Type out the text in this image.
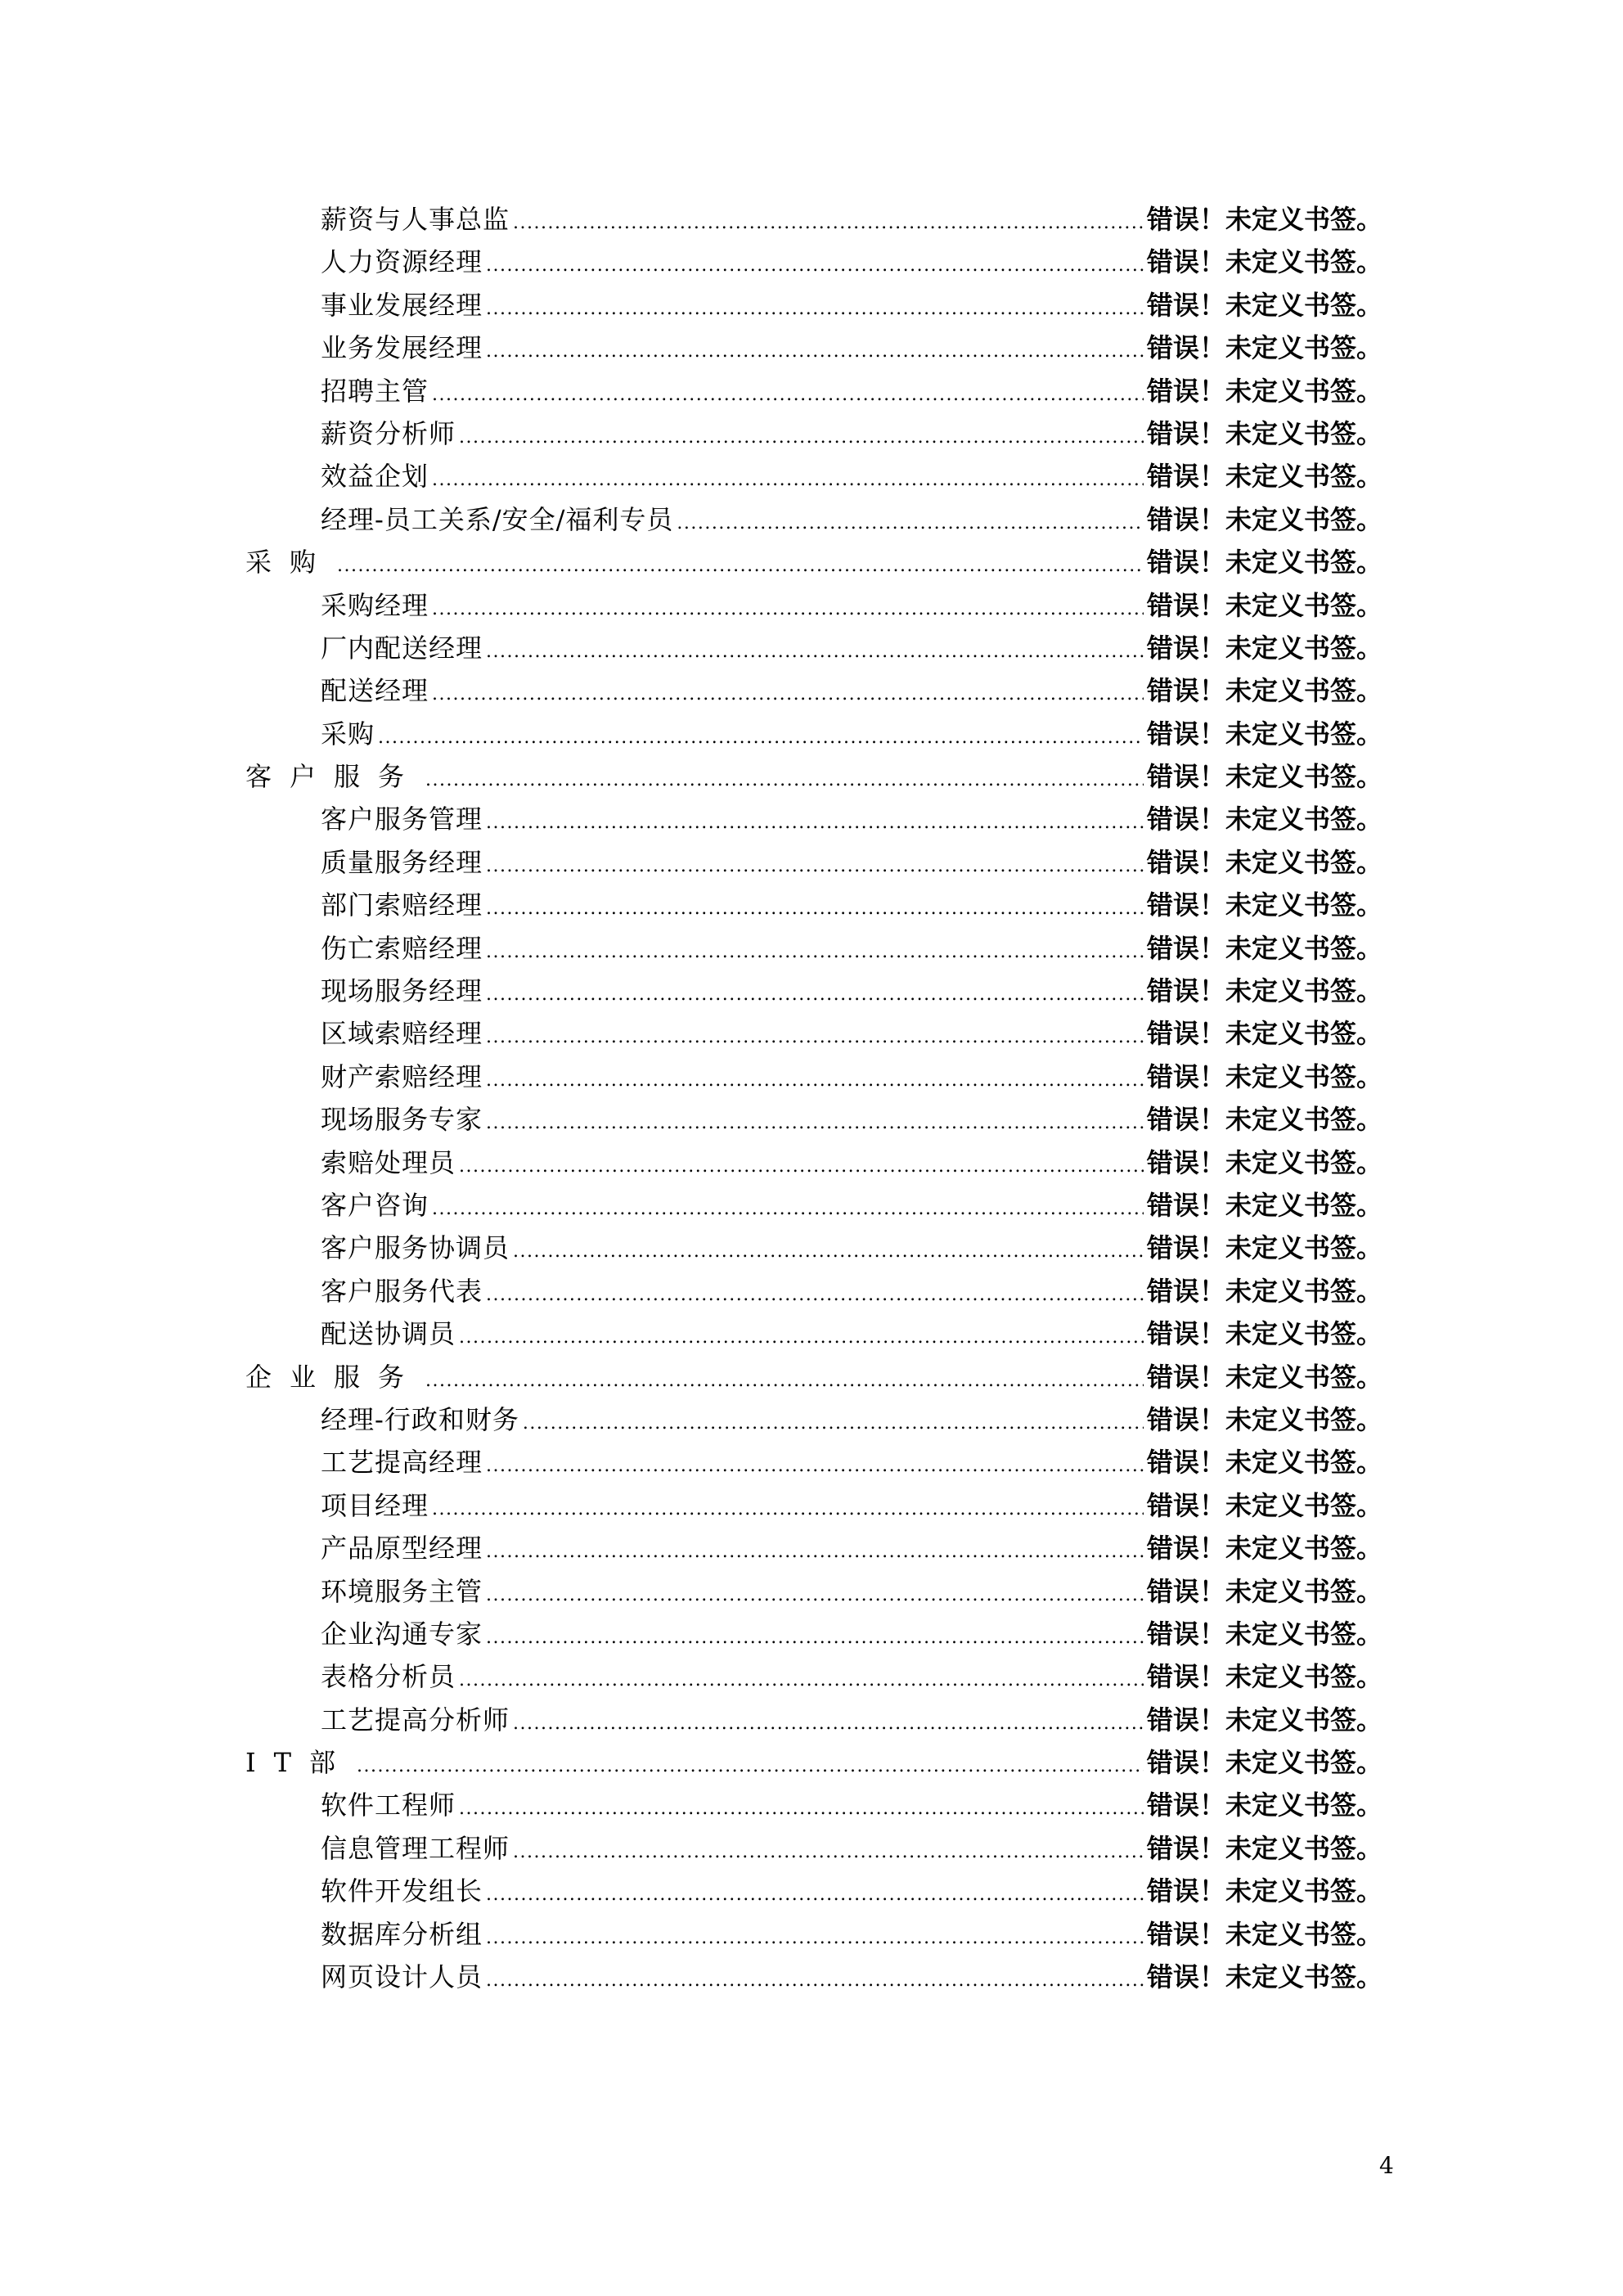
薪资与人事总监 .....	错误！未定义书签。
人力资源经理 .....	错误！未定义书签。
事业发展经理 .....	错误！未定义书签。
业务发展经理 .....	错误！未定义书签。
招聘主管 .....	错误！未定义书签。
薪资分析师 .....	错误！未定义书签。
效益企划 .....	错误！未定义书签。
经理-员工关系/安全/福利专员 .....	错误！未定义书签。
采购 .....	错误！未定义书签。
采购经理 .....	错误！未定义书签。
厂内配送经理 .....	错误！未定义书签。
配送经理 .....	错误！未定义书签。
采购 .....	错误！未定义书签。
客户服务 .....	错误！未定义书签。
客户服务管理 .....	错误！未定义书签。
质量服务经理 .....	错误！未定义书签。
部门索赔经理 .....	错误！未定义书签。
伤亡索赔经理 .....	错误！未定义书签。
现场服务经理 .....	错误！未定义书签。
区域索赔经理 .....	错误！未定义书签。
财产索赔经理 .....	错误！未定义书签。
现场服务专家 .....	错误！未定义书签。
索赔处理员 .....	错误！未定义书签。
客户咨询 .....	错误！未定义书签。
客户服务协调员 .....	错误！未定义书签。
客户服务代表 .....	错误！未定义书签。
配送协调员 .....	错误！未定义书签。
企业服务 .....	错误！未定义书签。
经理-行政和财务 .....	错误！未定义书签。
工艺提高经理 .....	错误！未定义书签。
项目经理 .....	错误！未定义书签。
产品原型经理 .....	错误！未定义书签。
环境服务主管 .....	错误！未定义书签。
企业沟通专家 .....	错误！未定义书签。
表格分析员 .....	错误！未定义书签。
工艺提高分析师 .....	错误！未定义书签。
IT部 .....	错误！未定义书签。
软件工程师 .....	错误！未定义书签。
信息管理工程师 .....	错误！未定义书签。
软件开发组长 .....	错误！未定义书签。
数据库分析组 .....	错误！未定义书签。
网页设计人员 .....	错误！未定义书签。
4
